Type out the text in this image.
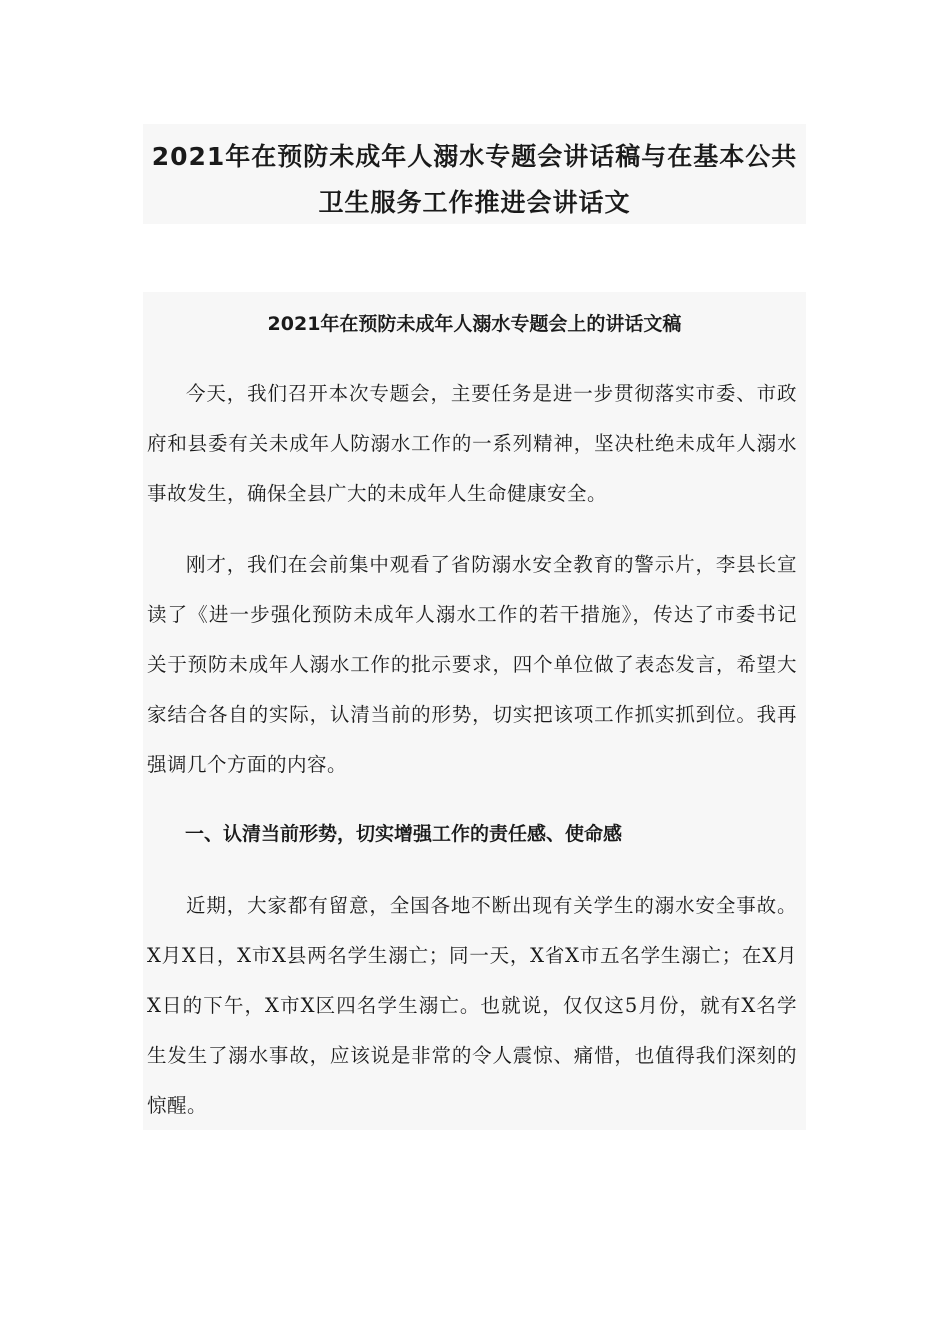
2021年在预防未成年人溺水专题会讲话稿与在基本公共卫生服务工作推进会讲话文
2021年在预防未成年人溺水专题会上的讲话文稿

今天，我们召开本次专题会，主要任务是进一步贯彻落实市委、市政府和县委有关未成年人防溺水工作的一系列精神，坚决杜绝未成年人溺水事故发生，确保全县广大的未成年人生命健康安全。

刚才，我们在会前集中观看了省防溺水安全教育的警示片，李县长宣读了《进一步强化预防未成年人溺水工作的若干措施》，传达了市委书记关于预防未成年人溺水工作的批示要求，四个单位做了表态发言，希望大家结合各自的实际，认清当前的形势，切实把该项工作抓实抓到位。我再强调几个方面的内容。

一、认清当前形势，切实增强工作的责任感、使命感

近期，大家都有留意，全国各地不断出现有关学生的溺水安全事故。X月X日，X市X县两名学生溺亡；同一天，X省X市五名学生溺亡；在X月X日的下午，X市X区四名学生溺亡。也就说，仅仅这5月份，就有X名学生发生了溺水事故，应该说是非常的令人震惊、痛惜，也值得我们深刻的惊醒。
